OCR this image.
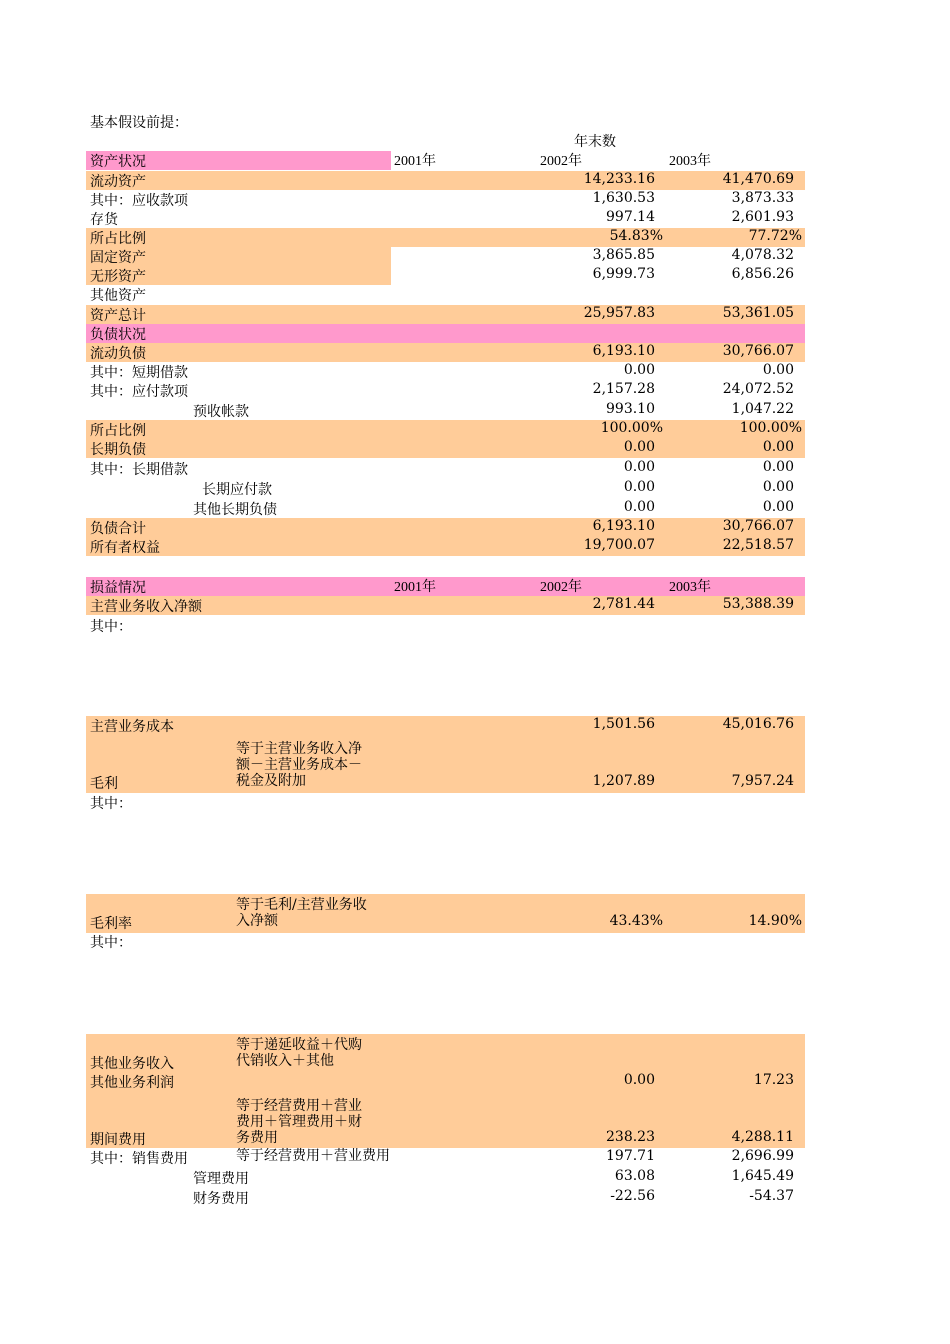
基本假设前提：
年末数
资产状况	2001年	2002年	2003年
流动资产	14,233.16	41,470.69
其中：应收款项	1,630.53	3,873.33
存货	997.14	2,601.93
所占比例	54.83%	77.72%
固定资产	3,865.85	4,078.32
无形资产	6,999.73	6,856.26
其他资产
资产总计	25,957.83	53,361.05
负债状况
流动负债	6,193.10	30,766.07
其中：短期借款	0.00	0.00
其中：应付款项	2,157.28	24,072.52
预收帐款	993.10	1,047.22
所占比例	100.00%	100.00%
长期负债	0.00	0.00
其中：长期借款	0.00	0.00
长期应付款	0.00	0.00
其他长期负债	0.00	0.00
负债合计	6,193.10	30,766.07
所有者权益	19,700.07	22,518.57
损益情况	2001年	2002年	2003年
主营业务收入净额	2,781.44	53,388.39
其中：
主营业务成本	1,501.56	45,016.76
等于主营业务收入净
额－主营业务成本－
税金及附加
毛利	1,207.89	7,957.24
其中：
等于毛利/主营业务收
入净额
毛利率	43.43%	14.90%
其中：
等于递延收益＋代购
代销收入＋其他
其他业务收入
其他业务利润	0.00	17.23
等于经营费用＋营业
费用＋管理费用＋财
务费用
期间费用	238.23	4,288.11
其中：销售费用	等于经营费用＋营业费用	197.71	2,696.99
管理费用	63.08	1,645.49
财务费用	-22.56	-54.37
